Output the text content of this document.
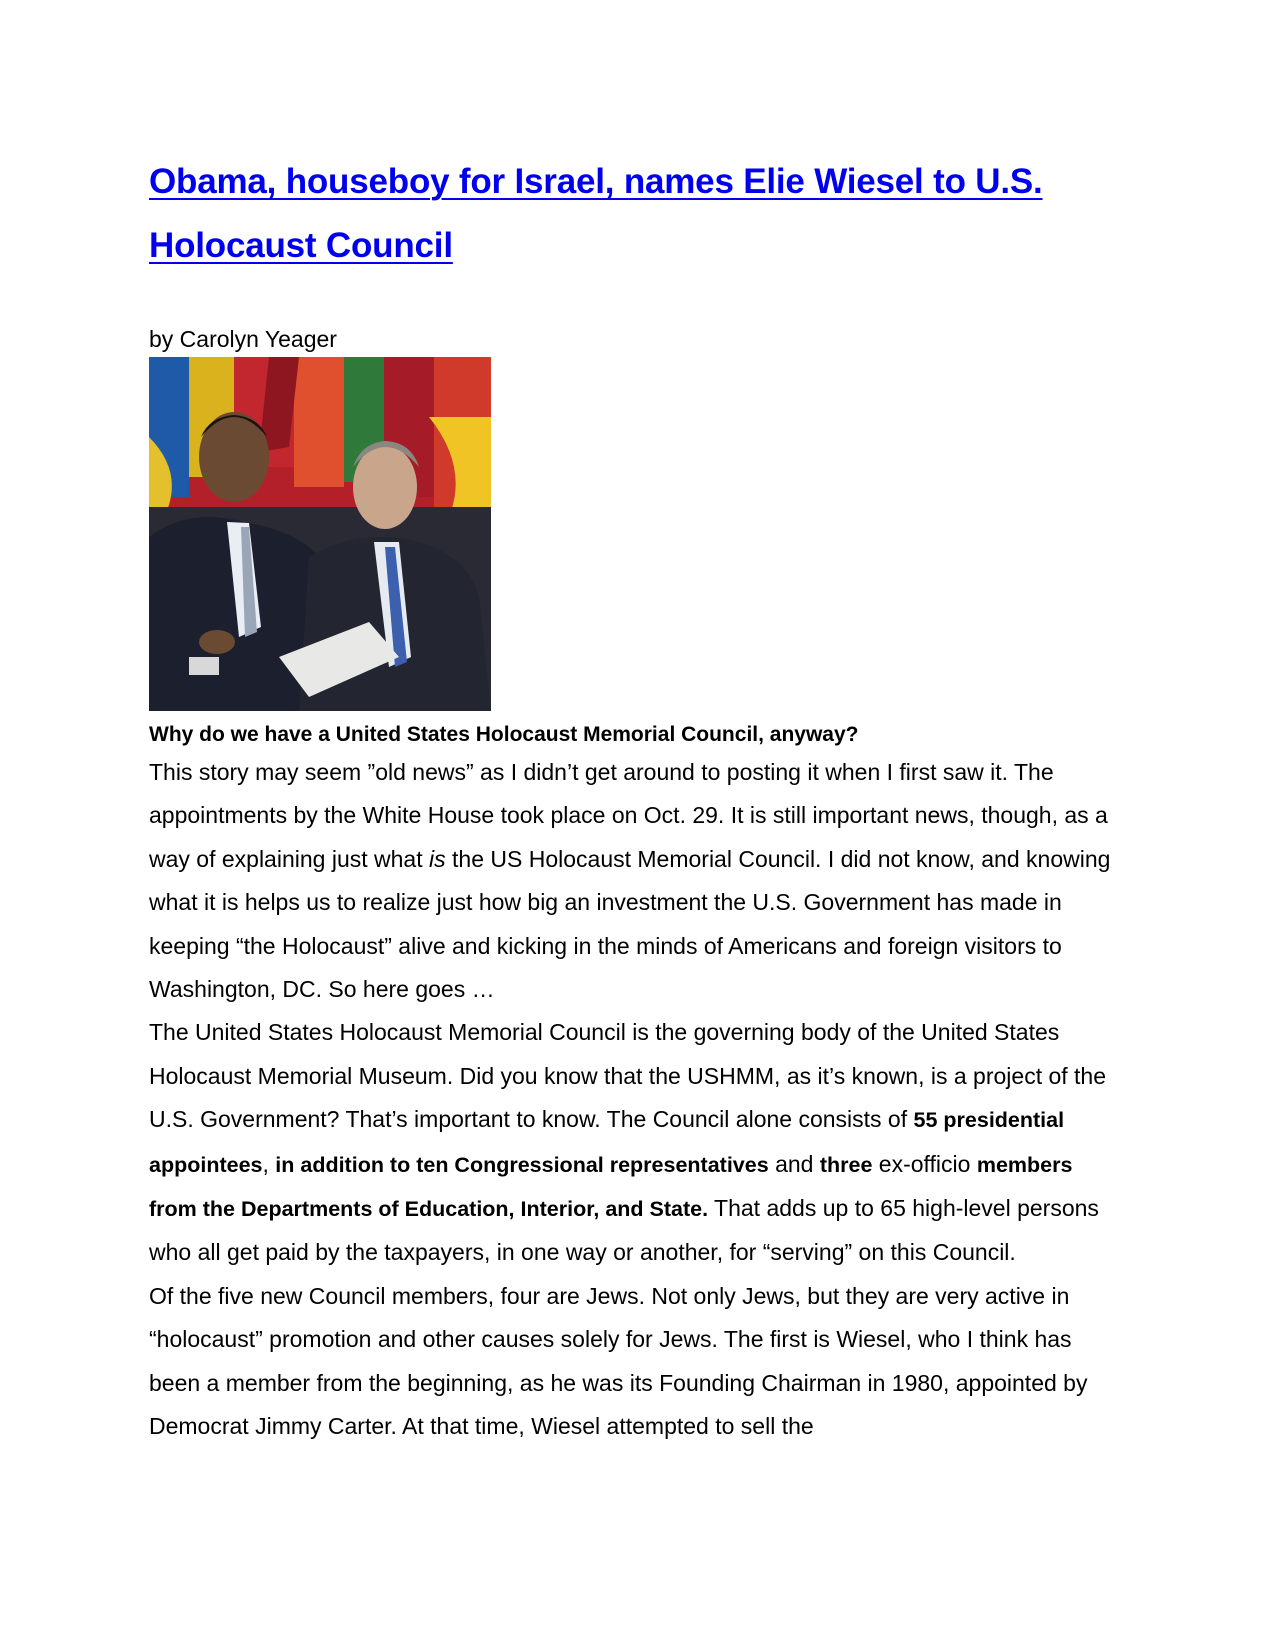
Obama, houseboy for Israel, names Elie Wiesel to U.S.
Holocaust Council

by Carolyn Yeager

Why do we have a United States Holocaust Memorial Council, anyway?

This story may seem ”old news” as I didn’t get around to posting it when I first saw it. The appointments by the White House took place on Oct. 29. It is still important news, though, as a way of explaining just what is the US Holocaust Memorial Council. I did not know, and knowing what it is helps us to realize just how big an investment the U.S. Government has made in keeping “the Holocaust” alive and kicking in the minds of Americans and foreign visitors to Washington, DC. So here goes …

The United States Holocaust Memorial Council is the governing body of the United States Holocaust Memorial Museum. Did you know that the USHMM, as it’s known, is a project of the U.S. Government? That’s important to know. The Council alone consists of 55 presidential appointees, in addition to ten Congressional representatives and three ex-officio members from the Departments of Education, Interior, and State. That adds up to 65 high-level persons who all get paid by the taxpayers, in one way or another, for “serving” on this Council.

Of the five new Council members, four are Jews. Not only Jews, but they are very active in “holocaust” promotion and other causes solely for Jews. The first is Wiesel, who I think has been a member from the beginning, as he was its Founding Chairman in 1980, appointed by Democrat Jimmy Carter. At that time, Wiesel attempted to sell the
